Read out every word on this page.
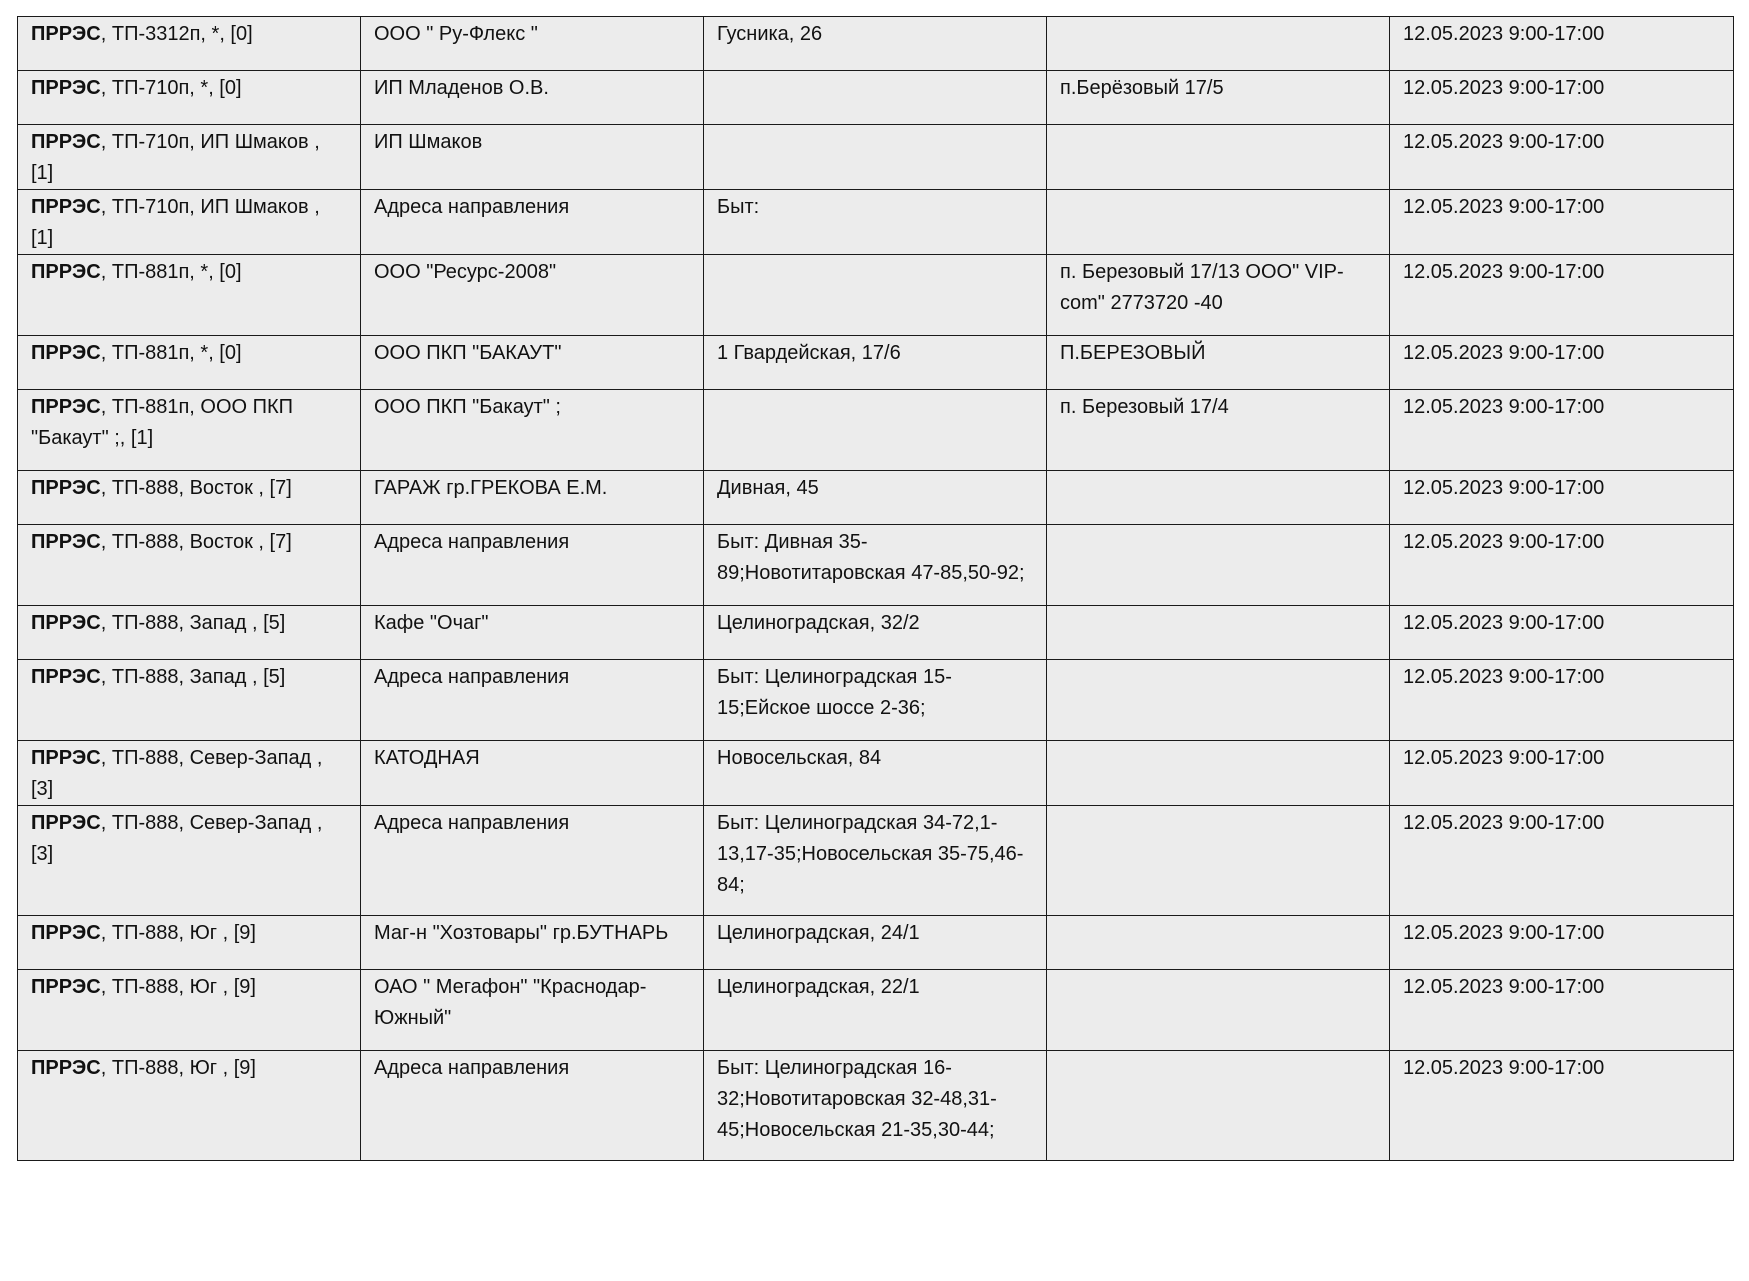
ПРРЭС, ТП-3312п, *, [0]	ООО " Ру-Флекс "	Гусника, 26		12.05.2023 9:00-17:00
ПРРЭС, ТП-710п, *, [0]	ИП Младенов О.В.		п.Берёзовый 17/5	12.05.2023 9:00-17:00
ПРРЭС, ТП-710п, ИП Шмаков , [1]	ИП Шмаков			12.05.2023 9:00-17:00
ПРРЭС, ТП-710п, ИП Шмаков , [1]	Адреса направления	Быт:		12.05.2023 9:00-17:00
ПРРЭС, ТП-881п, *, [0]	ООО "Ресурс-2008"		п. Березовый 17/13 ООО" VIP-com" 2773720 -40	12.05.2023 9:00-17:00
ПРРЭС, ТП-881п, *, [0]	ООО ПКП "БАКАУТ"	1 Гвардейская, 17/6	П.БЕРЕЗОВЫЙ	12.05.2023 9:00-17:00
ПРРЭС, ТП-881п, ООО ПКП "Бакаут" ;, [1]	ООО ПКП "Бакаут" ;		п. Березовый 17/4	12.05.2023 9:00-17:00
ПРРЭС, ТП-888, Восток , [7]	ГАРАЖ гр.ГРЕКОВА Е.М.	Дивная, 45		12.05.2023 9:00-17:00
ПРРЭС, ТП-888, Восток , [7]	Адреса направления	Быт: Дивная 35-89;Новотитаровская 47-85,50-92;		12.05.2023 9:00-17:00
ПРРЭС, ТП-888, Запад , [5]	Кафе "Очаг"	Целиноградская, 32/2		12.05.2023 9:00-17:00
ПРРЭС, ТП-888, Запад , [5]	Адреса направления	Быт: Целиноградская 15-15;Ейское шоссе 2-36;		12.05.2023 9:00-17:00
ПРРЭС, ТП-888, Север-Запад , [3]	КАТОДНАЯ	Новосельская, 84		12.05.2023 9:00-17:00
ПРРЭС, ТП-888, Север-Запад , [3]	Адреса направления	Быт: Целиноградская 34-72,1-13,17-35;Новосельская 35-75,46-84;		12.05.2023 9:00-17:00
ПРРЭС, ТП-888, Юг , [9]	Маг-н "Хозтовары" гр.БУТНАРЬ	Целиноградская, 24/1		12.05.2023 9:00-17:00
ПРРЭС, ТП-888, Юг , [9]	ОАО " Мегафон" "Краснодар-Южный"	Целиноградская, 22/1		12.05.2023 9:00-17:00
ПРРЭС, ТП-888, Юг , [9]	Адреса направления	Быт: Целиноградская 16-32;Новотитаровская 32-48,31-45;Новосельская 21-35,30-44;		12.05.2023 9:00-17:00
